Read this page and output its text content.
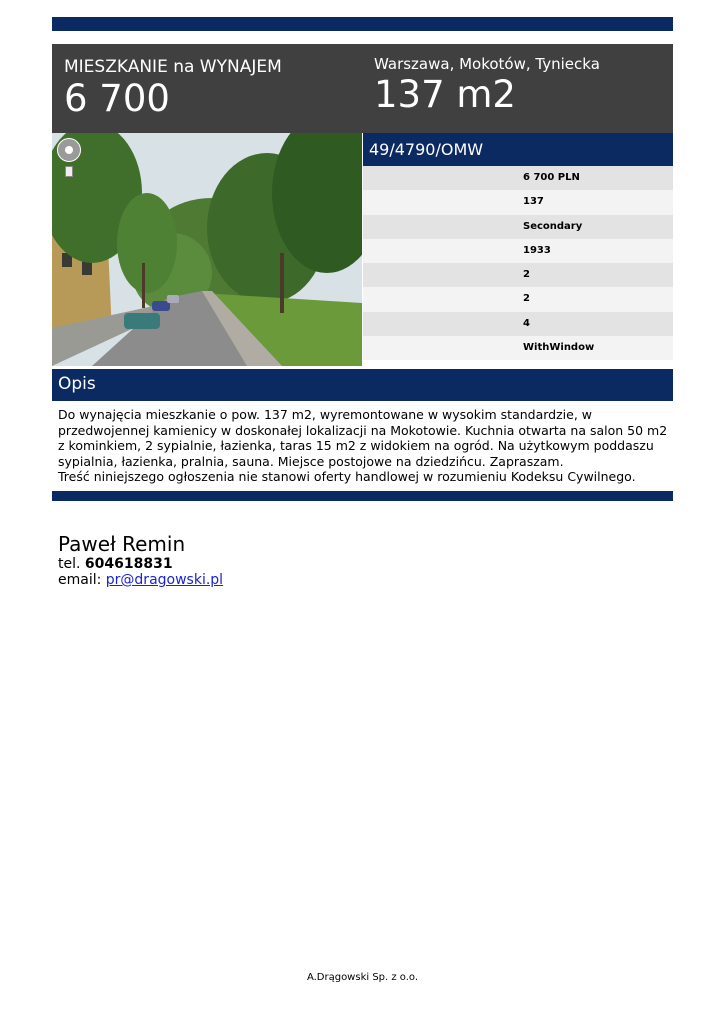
MIESZKANIE na WYNAJEM
6 700
Warszawa, Mokotów, Tyniecka
137 m2
49/4790/OMW
6 700 PLN
137
Secondary
1933
2
2
4
WithWindow
Opis

Do wynajęcia mieszkanie o pow. 137 m2, wyremontowane w wysokim standardzie, w przedwojennej kamienicy w doskonałej lokalizacji na Mokotowie. Kuchnia otwarta na salon 50 m2 z kominkiem, 2 sypialnie, łazienka, taras 15 m2 z widokiem na ogród. Na użytkowym poddaszu sypialnia, łazienka, pralnia, sauna. Miejsce postojowe na dziedzińcu. Zapraszam.

Treść niniejszego ogłoszenia nie stanowi oferty handlowej w rozumieniu Kodeksu Cywilnego.

Paweł Remin
tel. 604618831
email: pr@dragowski.pl
A.Drągowski Sp. z o.o.
